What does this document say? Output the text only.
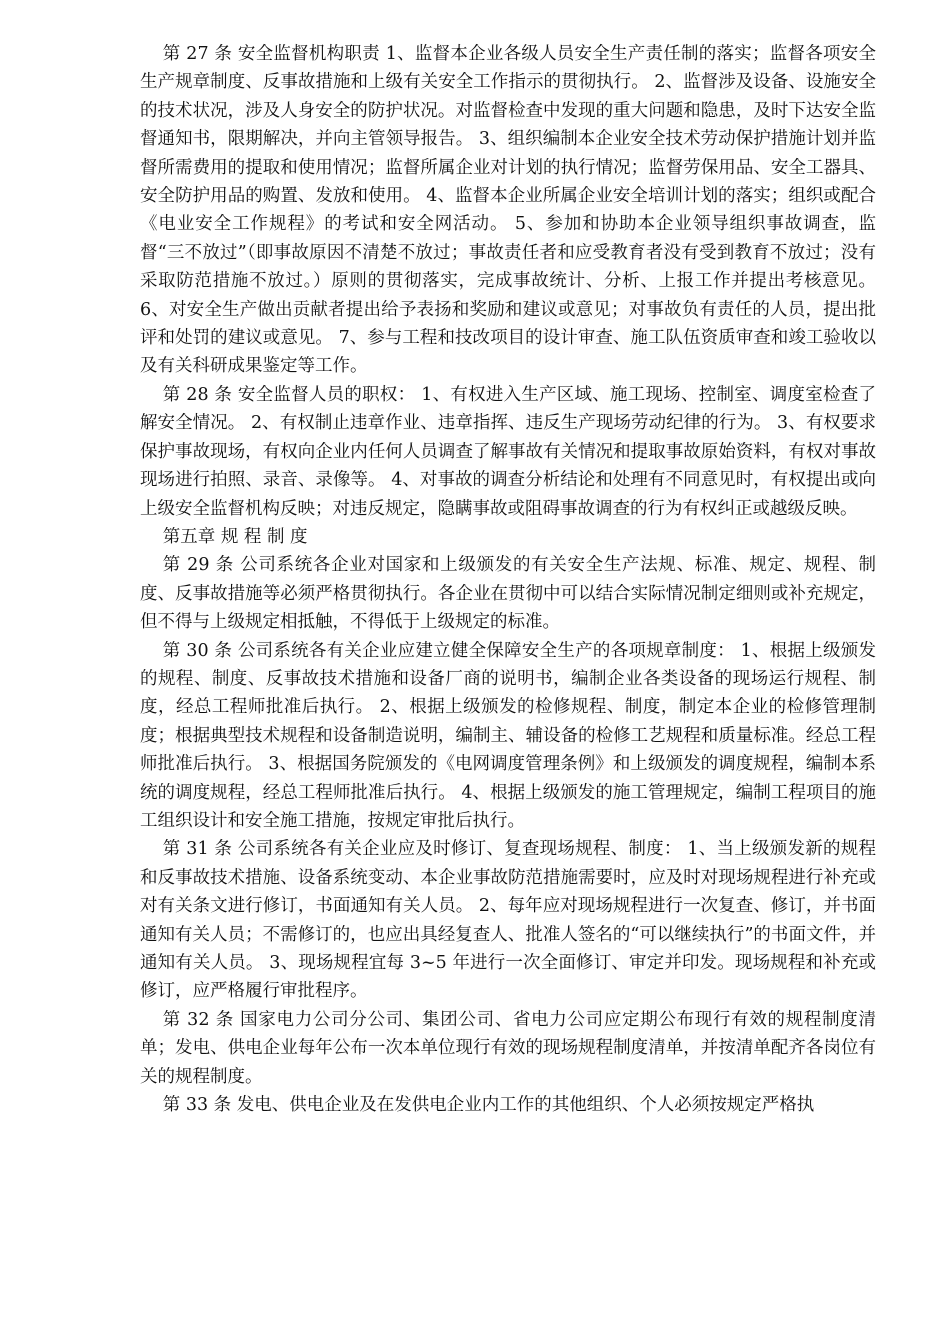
第 27 条 安全监督机构职责 1、监督本企业各级人员安全生产责任制的落实；监督各项安全生产规章制度、反事故措施和上级有关安全工作指示的贯彻执行。 2、监督涉及设备、设施安全的技术状况，涉及人身安全的防护状况。对监督检查中发现的重大问题和隐患，及时下达安全监督通知书，限期解决，并向主管领导报告。 3、组织编制本企业安全技术劳动保护措施计划并监督所需费用的提取和使用情况；监督所属企业对计划的执行情况；监督劳保用品、安全工器具、安全防护用品的购置、发放和使用。 4、监督本企业所属企业安全培训计划的落实；组织或配合《电业安全工作规程》的考试和安全网活动。 5、参加和协助本企业领导组织事故调查，监督“三不放过”（即事故原因不清楚不放过；事故责任者和应受教育者没有受到教育不放过；没有采取防范措施不放过。）原则的贯彻落实，完成事故统计、分析、上报工作并提出考核意见。 6、对安全生产做出贡献者提出给予表扬和奖励和建议或意见；对事故负有责任的人员，提出批评和处罚的建议或意见。 7、参与工程和技改项目的设计审查、施工队伍资质审查和竣工验收以及有关科研成果鉴定等工作。

第 28 条 安全监督人员的职权： 1、有权进入生产区域、施工现场、控制室、调度室检查了解安全情况。 2、有权制止违章作业、违章指挥、违反生产现场劳动纪律的行为。 3、有权要求保护事故现场，有权向企业内任何人员调查了解事故有关情况和提取事故原始资料，有权对事故现场进行拍照、录音、录像等。 4、对事故的调查分析结论和处理有不同意见时，有权提出或向上级安全监督机构反映；对违反规定，隐瞒事故或阻碍事故调查的行为有权纠正或越级反映。

第五章 规 程 制 度

第 29 条 公司系统各企业对国家和上级颁发的有关安全生产法规、标准、规定、规程、制度、反事故措施等必须严格贯彻执行。各企业在贯彻中可以结合实际情况制定细则或补充规定，但不得与上级规定相抵触，不得低于上级规定的标准。

第 30 条 公司系统各有关企业应建立健全保障安全生产的各项规章制度： 1、根据上级颁发的规程、制度、反事故技术措施和设备厂商的说明书，编制企业各类设备的现场运行规程、制度，经总工程师批准后执行。 2、根据上级颁发的检修规程、制度，制定本企业的检修管理制度；根据典型技术规程和设备制造说明，编制主、辅设备的检修工艺规程和质量标准。经总工程师批准后执行。 3、根据国务院颁发的《电网调度管理条例》和上级颁发的调度规程，编制本系统的调度规程，经总工程师批准后执行。 4、根据上级颁发的施工管理规定，编制工程项目的施工组织设计和安全施工措施，按规定审批后执行。

第 31 条 公司系统各有关企业应及时修订、复查现场规程、制度： 1、当上级颁发新的规程和反事故技术措施、设备系统变动、本企业事故防范措施需要时，应及时对现场规程进行补充或对有关条文进行修订，书面通知有关人员。 2、每年应对现场规程进行一次复查、修订，并书面通知有关人员；不需修订的，也应出具经复查人、批准人签名的“可以继续执行”的书面文件，并通知有关人员。 3、现场规程宜每 3~5 年进行一次全面修订、审定并印发。现场规程和补充或修订，应严格履行审批程序。

第 32 条 国家电力公司分公司、集团公司、省电力公司应定期公布现行有效的规程制度清单；发电、供电企业每年公布一次本单位现行有效的现场规程制度清单，并按清单配齐各岗位有关的规程制度。

第 33 条 发电、供电企业及在发供电企业内工作的其他组织、个人必须按规定严格执
